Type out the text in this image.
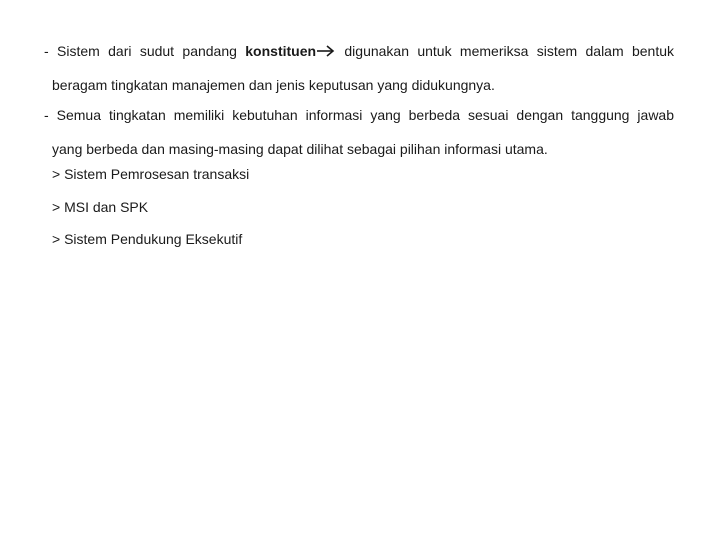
- Sistem dari sudut pandang konstituen digunakan untuk memeriksa sistem dalam bentuk
beragam tingkatan manajemen dan jenis keputusan yang didukungnya.
- Semua tingkatan memiliki kebutuhan informasi yang berbeda sesuai dengan tanggung jawab
yang berbeda dan masing-masing dapat dilihat sebagai pilihan informasi utama.
> Sistem Pemrosesan transaksi
> MSI dan SPK
> Sistem Pendukung Eksekutif
